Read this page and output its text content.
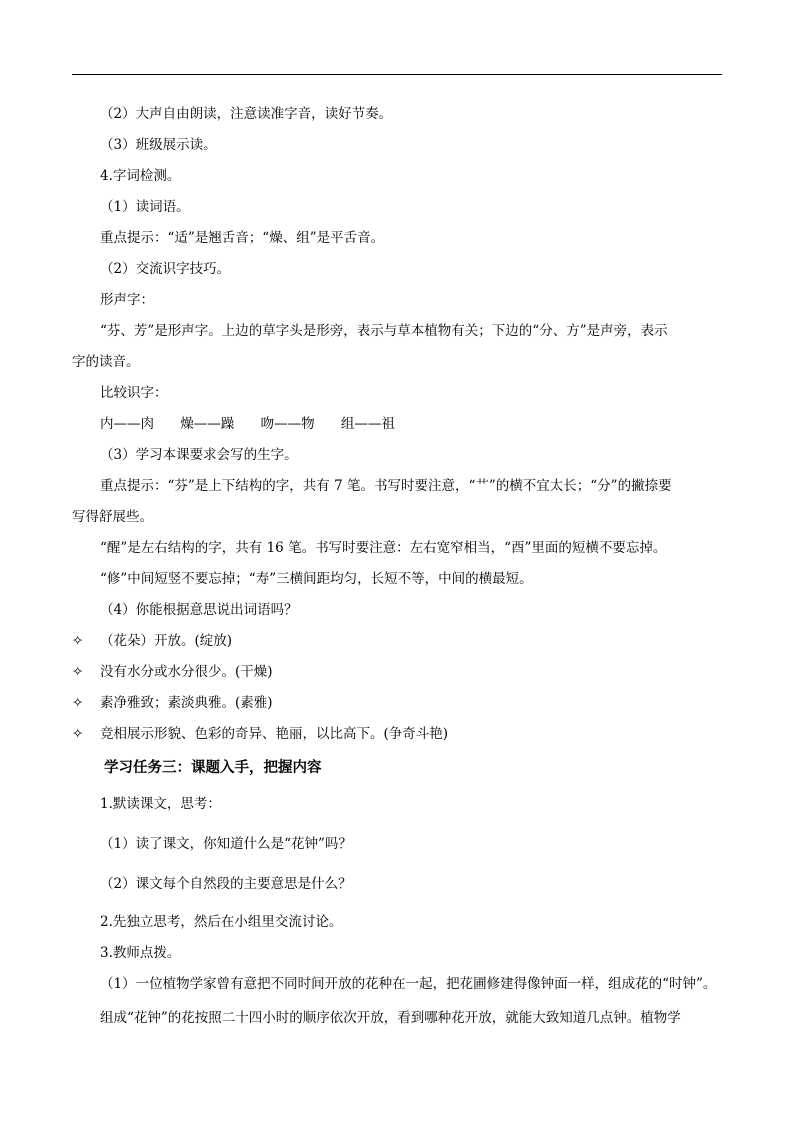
（2）大声自由朗读，注意读准字音，读好节奏。
（3）班级展示读。
4.字词检测。
（1）读词语。
重点提示：“适”是翘舌音；“燥、组”是平舌音。
（2）交流识字技巧。
形声字：
“芬、芳”是形声字。上边的草字头是形旁，表示与草本植物有关；下边的“分、方”是声旁，表示
字的读音。
比较识字：
内——肉 燥——躁 吻——物 组——祖
（3）学习本课要求会写的生字。
重点提示：“芬”是上下结构的字，共有 7 笔。书写时要注意，“艹”的横不宜太长；“分”的撇捺要
写得舒展些。
“醒”是左右结构的字，共有 16 笔。书写时要注意：左右宽窄相当，“酉”里面的短横不要忘掉。
“修”中间短竖不要忘掉；“寿”三横间距均匀，长短不等，中间的横最短。
（4）你能根据意思说出词语吗？
✧ （花朵）开放。(绽放)
✧ 没有水分或水分很少。(干燥)
✧ 素净雅致；素淡典雅。(素雅)
✧ 竞相展示形貌、色彩的奇异、艳丽，以比高下。(争奇斗艳)
学习任务三：课题入手，把握内容
1.默读课文，思考：
（1）读了课文，你知道什么是“花钟”吗？
（2）课文每个自然段的主要意思是什么？
2.先独立思考，然后在小组里交流讨论。
3.教师点拨。
（1）一位植物学家曾有意把不同时间开放的花种在一起，把花圃修建得像钟面一样，组成花的“时钟”。
组成“花钟”的花按照二十四小时的顺序依次开放，看到哪种花开放，就能大致知道几点钟。植物学
